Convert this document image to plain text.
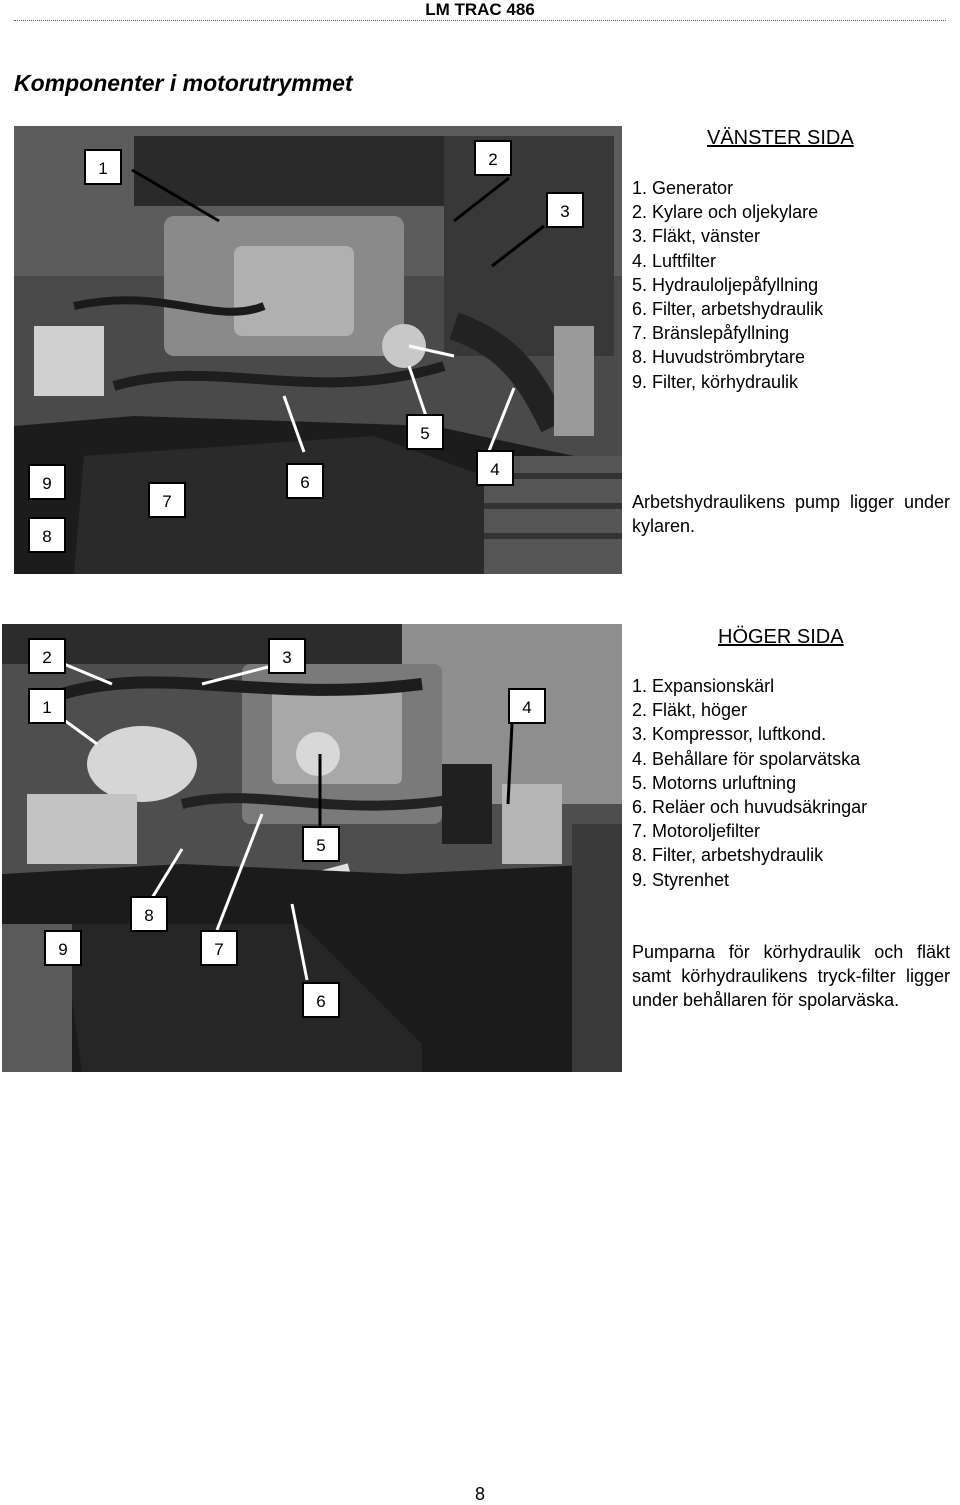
LM TRAC 486
Komponenter i motorutrymmet
1	2
3
4
5
6
7
9
8
VÄNSTER SIDA
1. Generator
2. Kylare och oljekylare
3. Fläkt, vänster
4. Luftfilter
5. Hydrauloljepåfyllning
6. Filter, arbetshydraulik
7. Bränslepåfyllning
8. Huvudströmbrytare
9. Filter, körhydraulik
Arbetshydraulikens pump ligger under kylaren.
2
1
3
4
5
8
9	7
6
HÖGER SIDA
1. Expansionskärl
2. Fläkt, höger
3. Kompressor, luftkond.
4. Behållare för spolarvätska
5. Motorns urluftning
6. Reläer och huvudsäkringar
7. Motoroljefilter
8. Filter, arbetshydraulik
9. Styrenhet
Pumparna för körhydraulik och fläkt samt körhydraulikens tryck-filter ligger under behållaren för spolarväska.
8
